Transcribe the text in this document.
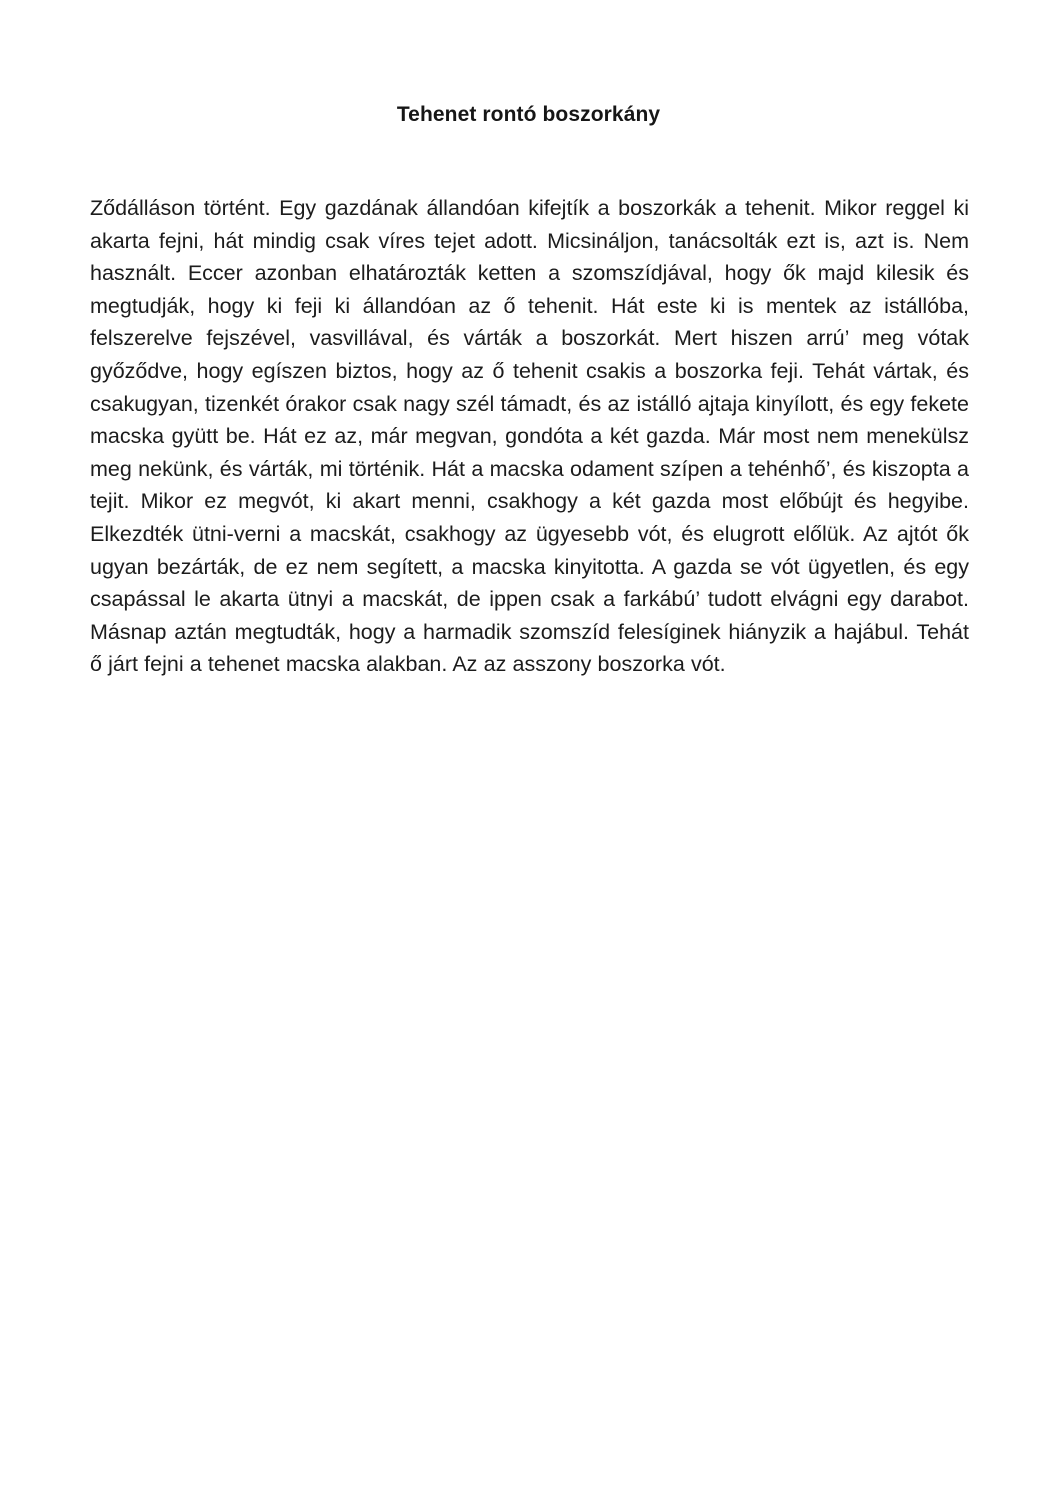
Tehenet rontó boszorkány

Ződálláson történt. Egy gazdának állandóan kifejtík a boszorkák a tehenit. Mikor reggel ki akarta fejni, hát mindig csak víres tejet adott. Micsináljon, tanácsolták ezt is, azt is. Nem használt. Eccer azonban elhatározták ketten a szomszídjával, hogy ők majd kilesik és megtudják, hogy ki feji ki állandóan az ő tehenit. Hát este ki is mentek az istállóba, felszerelve fejszével, vasvillával, és várták a boszorkát. Mert hiszen arrú’ meg vótak győződve, hogy egíszen biztos, hogy az ő tehenit csakis a boszorka feji. Tehát vártak, és csakugyan, tizenkét órakor csak nagy szél támadt, és az istálló ajtaja kinyílott, és egy fekete macska gyütt be. Hát ez az, már megvan, gondóta a két gazda. Már most nem menekülsz meg nekünk, és várták, mi történik. Hát a macska odament szípen a tehénhő’, és kiszopta a tejit. Mikor ez megvót, ki akart menni, csakhogy a két gazda most előbújt és hegyibe. Elkezdték ütni-verni a macskát, csakhogy az ügyesebb vót, és elugrott előlük. Az ajtót ők ugyan bezárták, de ez nem segített, a macska kinyitotta. A gazda se vót ügyetlen, és egy csapással le akarta ütnyi a macskát, de ippen csak a farkábú’ tudott elvágni egy darabot. Másnap aztán megtudták, hogy a harmadik szomszíd felesíginek hiányzik a hajábul. Tehát ő járt fejni a tehenet macska alakban. Az az asszony boszorka vót.
